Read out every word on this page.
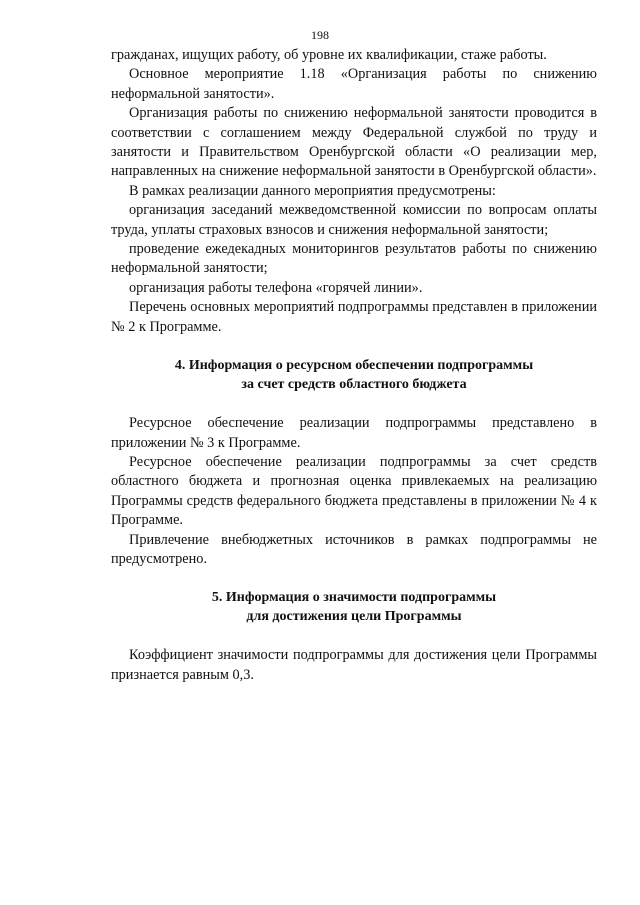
198

гражданах, ищущих работу, об уровне их квалификации, стаже работы.

Основное мероприятие 1.18 «Организация работы по снижению неформальной занятости».

Организация работы по снижению неформальной занятости проводится в соответствии с соглашением между Федеральной службой по труду и занятости и Правительством Оренбургской области «О реализации мер, направленных на снижение неформальной занятости в Оренбургской области».

В рамках реализации данного мероприятия предусмотрены:

организация заседаний межведомственной комиссии по вопросам оплаты труда, уплаты страховых взносов и снижения неформальной занятости;

проведение ежедекадных мониторингов результатов работы по снижению неформальной занятости;

организация работы телефона «горячей линии».

Перечень основных мероприятий подпрограммы представлен в приложении № 2 к Программе.

4. Информация о ресурсном обеспечении подпрограммы
за счет средств областного бюджета

Ресурсное обеспечение реализации подпрограммы представлено в приложении № 3 к Программе.

Ресурсное обеспечение реализации подпрограммы за счет средств областного бюджета и прогнозная оценка привлекаемых на реализацию Программы средств федерального бюджета представлены в приложении № 4 к Программе.

Привлечение внебюджетных источников в рамках подпрограммы не предусмотрено.

5. Информация о значимости подпрограммы
для достижения цели Программы

Коэффициент значимости подпрограммы для достижения цели Программы признается равным 0,3.
